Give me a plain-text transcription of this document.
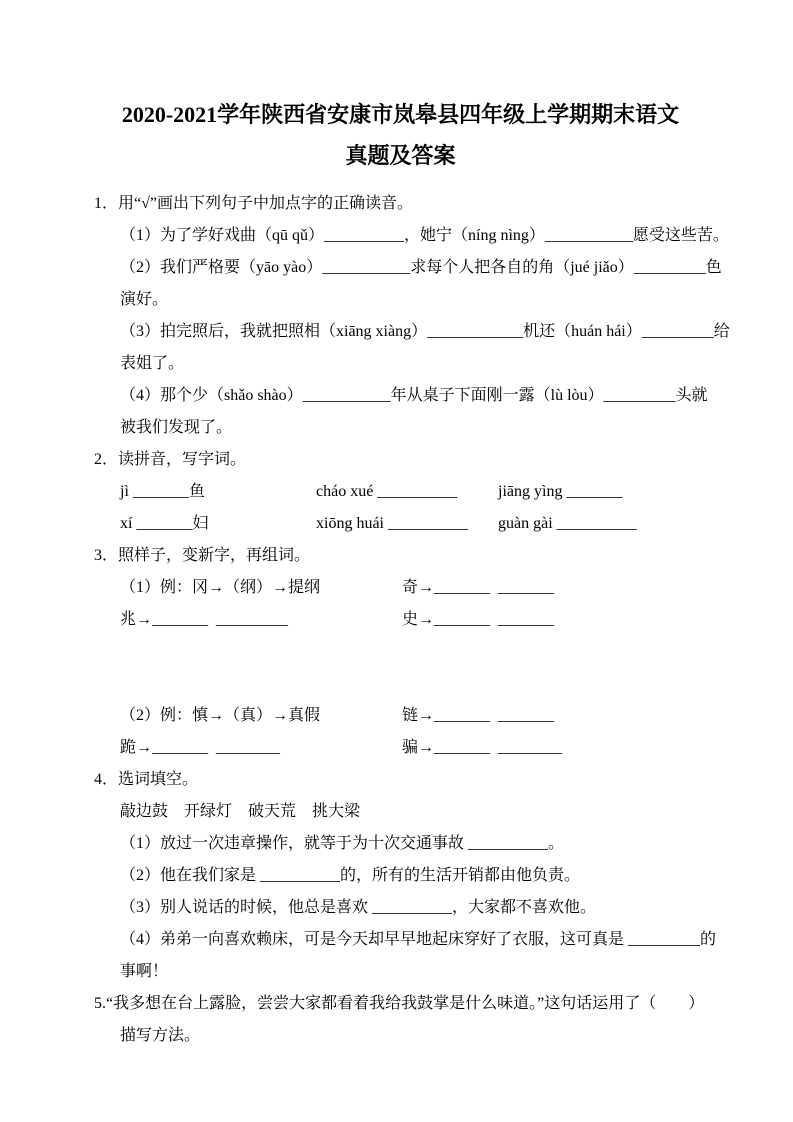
2020-2021学年陕西省安康市岚皋县四年级上学期期末语文
真题及答案
1．用“√”画出下列句子中加点字的正确读音。
（1）为了学好戏曲（qū qǔ）__________，她宁（níng nìng）___________愿受这些苦。
（2）我们严格要（yāo yào）___________求每个人把各自的角（jué jiǎo）_________色
演好。
（3）拍完照后，我就把照相（xiāng xiàng）____________机还（huán hái）_________给
表姐了。
（4）那个少（shǎo shào）___________年从桌子下面刚一露（lù lòu）_________头就
被我们发现了。
2．读拼音，写字词。
jì _______鱼	cháo xué __________	jiāng yìng _______
xí _______妇	xiōng huái __________	guàn gài __________
3．照样子，变新字，再组词。
（1）例：冈→（纲）→提纲	奇→_______  _______
兆→_______  _________	史→_______  _______
（2）例：慎→（真）→真假	链→_______  _______
跪→_______  ________	骗→_______  ________
4．选词填空。
敲边鼓　开绿灯　破天荒　挑大梁
（1）放过一次违章操作，就等于为十次交通事故 __________。
（2）他在我们家是 __________的，所有的生活开销都由他负责。
（3）别人说话的时候，他总是喜欢 __________，大家都不喜欢他。
（4）弟弟一向喜欢赖床，可是今天却早早地起床穿好了衣服，这可真是 _________的
事啊！
5.“我多想在台上露脸，尝尝大家都看着我给我鼓掌是什么味道。”这句话运用了（　　）
描写方法。
